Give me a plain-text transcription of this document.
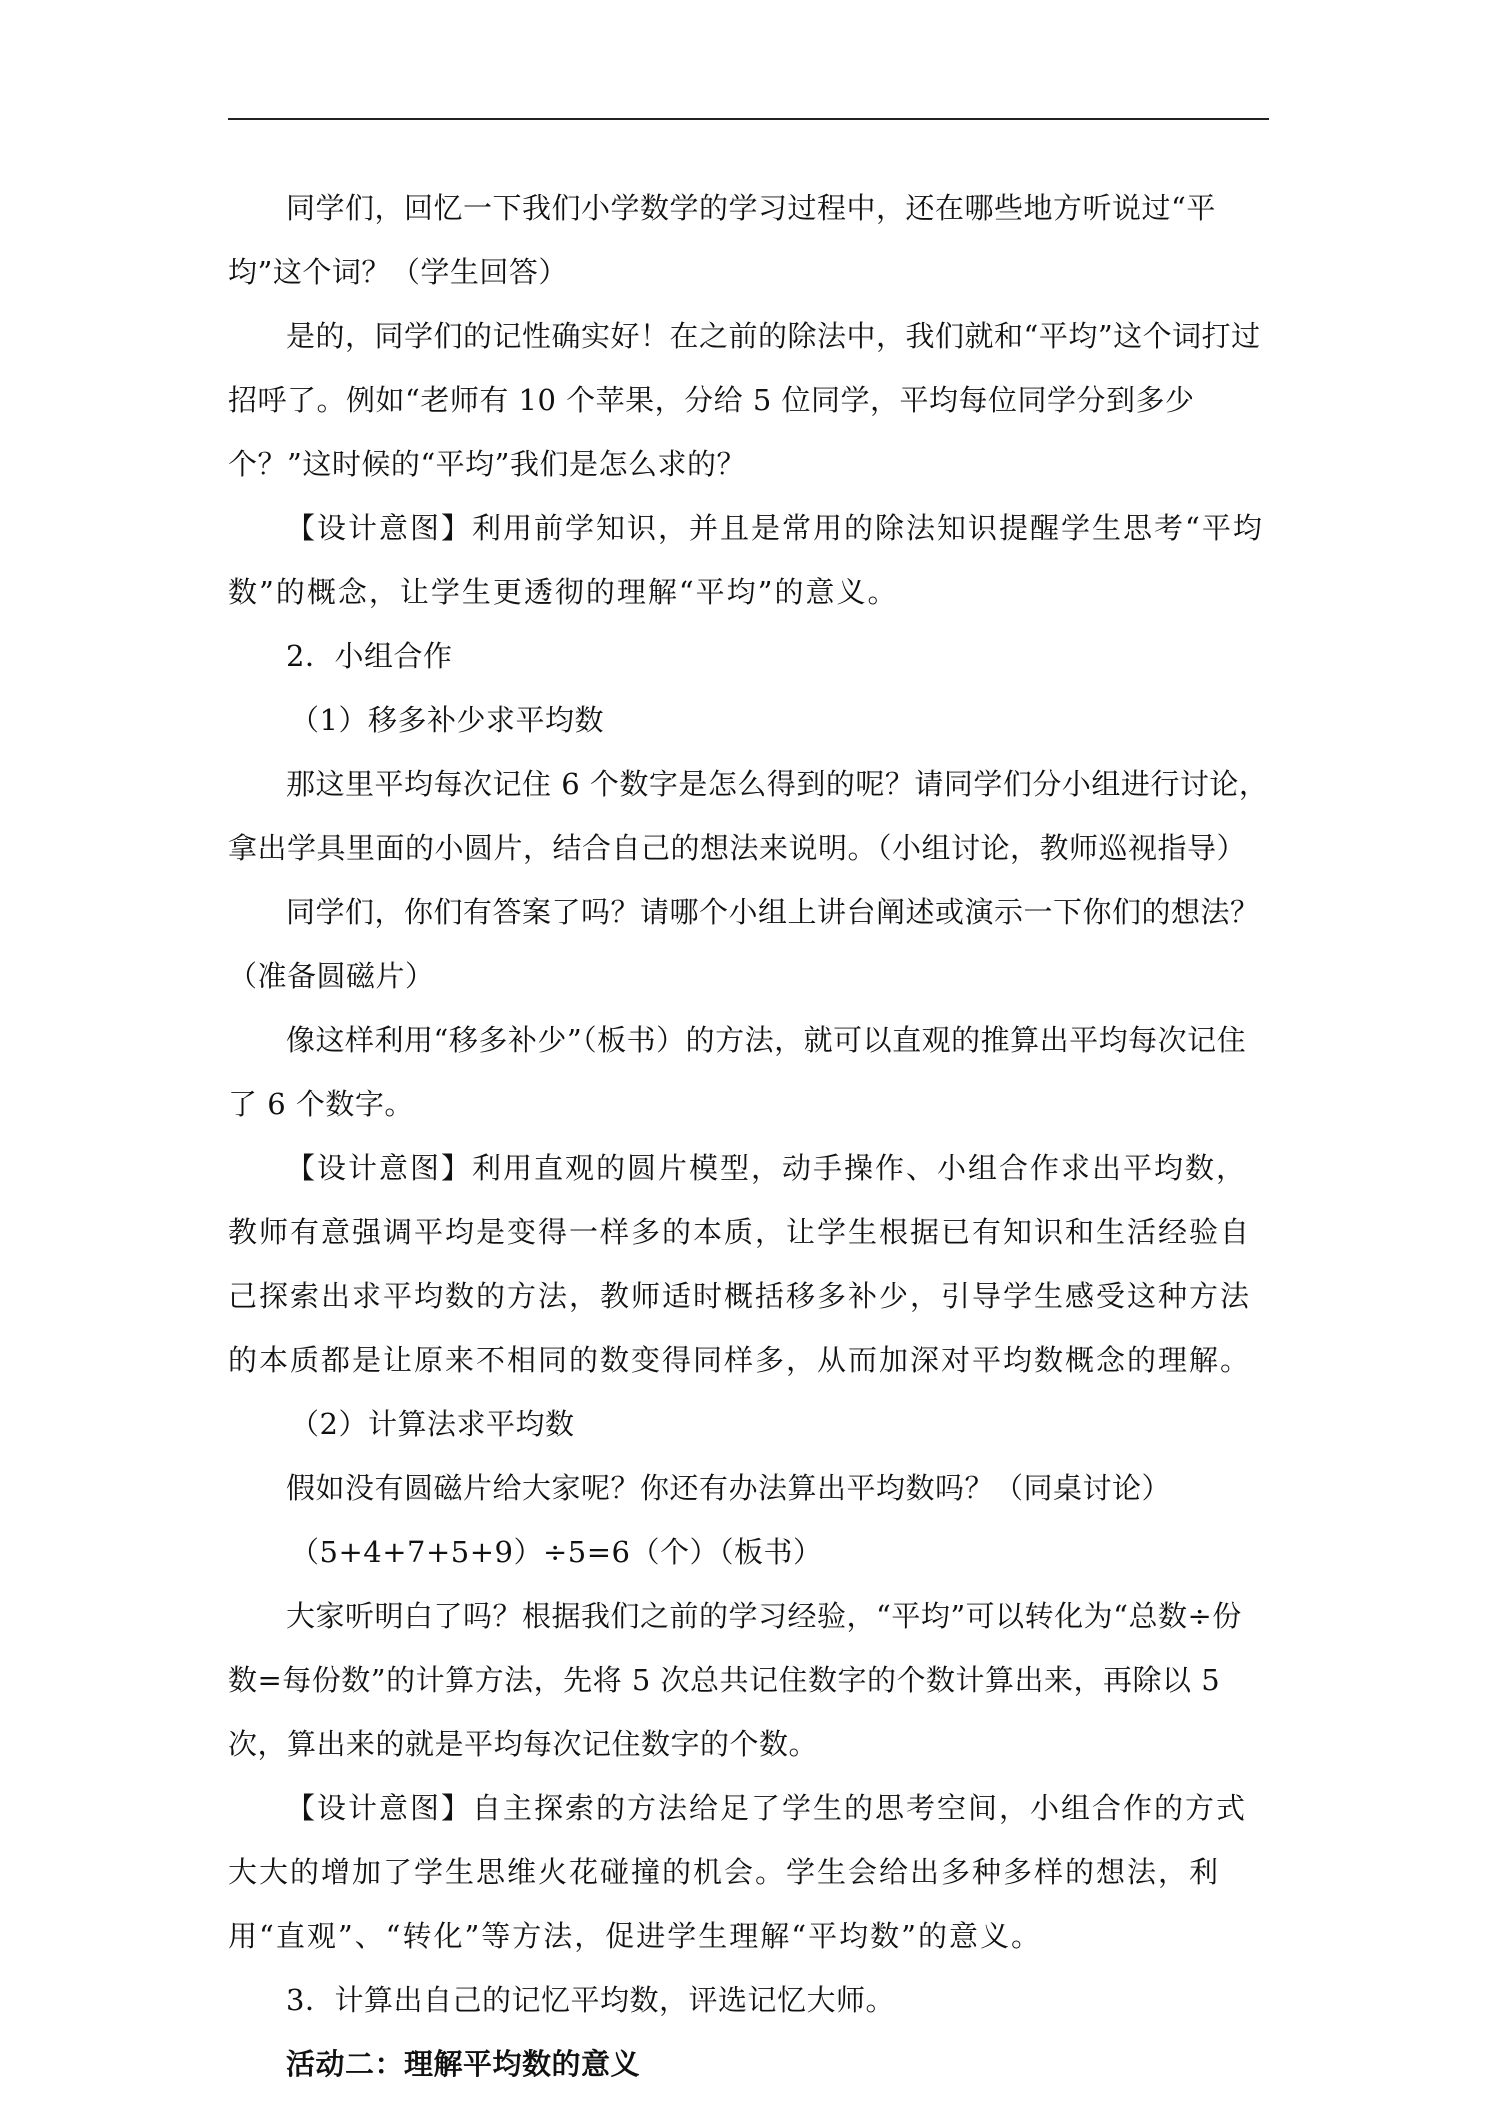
同学们，回忆一下我们小学数学的学习过程中，还在哪些地方听说过“平均”这个词？（学生回答）

是的，同学们的记性确实好！在之前的除法中，我们就和“平均”这个词打过招呼了。例如“老师有 10 个苹果，分给 5 位同学，平均每位同学分到多少个？”这时候的“平均”我们是怎么求的？

【设计意图】利用前学知识，并且是常用的除法知识提醒学生思考“平均数”的概念，让学生更透彻的理解“平均”的意义。

2．小组合作

（1）移多补少求平均数

那这里平均每次记住 6 个数字是怎么得到的呢？请同学们分小组进行讨论，拿出学具里面的小圆片，结合自己的想法来说明。（小组讨论，教师巡视指导）

同学们，你们有答案了吗？请哪个小组上讲台阐述或演示一下你们的想法？

（准备圆磁片）

像这样利用“移多补少”（板书）的方法，就可以直观的推算出平均每次记住了 6 个数字。

【设计意图】利用直观的圆片模型，动手操作、小组合作求出平均数，教师有意强调平均是变得一样多的本质，让学生根据已有知识和生活经验自己探索出求平均数的方法，教师适时概括移多补少，引导学生感受这种方法的本质都是让原来不相同的数变得同样多，从而加深对平均数概念的理解。

（2）计算法求平均数

假如没有圆磁片给大家呢？你还有办法算出平均数吗？（同桌讨论）

（5+4+7+5+9）÷5=6（个）（板书）

大家听明白了吗？根据我们之前的学习经验，“平均”可以转化为“总数÷份数=每份数”的计算方法，先将 5 次总共记住数字的个数计算出来，再除以 5 次，算出来的就是平均每次记住数字的个数。

【设计意图】自主探索的方法给足了学生的思考空间，小组合作的方式大大的增加了学生思维火花碰撞的机会。学生会给出多种多样的想法，利用“直观”、“转化”等方法，促进学生理解“平均数”的意义。

3．计算出自己的记忆平均数，评选记忆大师。

活动二：理解平均数的意义
